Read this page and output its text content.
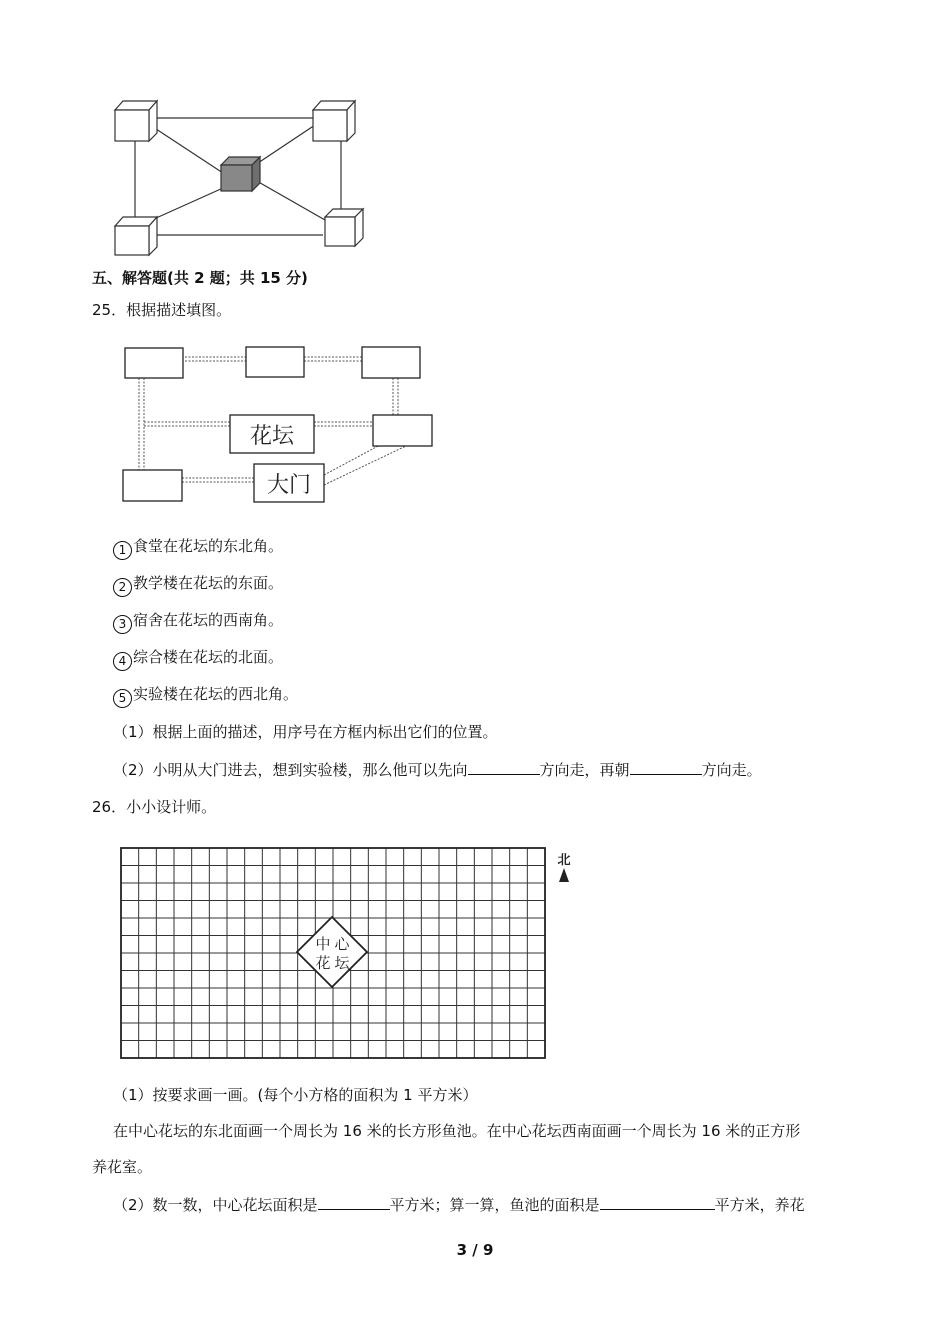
五、解答题(共 2 题；共 15 分)
25．根据描述填图。
花坛
大门
1 食堂在花坛的东北角。
2 教学楼在花坛的东面。
3 宿舍在花坛的西南角。
4 综合楼在花坛的北面。
5 实验楼在花坛的西北角。
（1）根据上面的描述，用序号在方框内标出它们的位置。
（2）小明从大门进去，想到实验楼，那么他可以先向	方向走，再朝	方向走。
26．小小设计师。
中 心
花 坛
北
（1）按要求画一画。(每个小方格的面积为 1 平方米）
在中心花坛的东北面画一个周长为 16 米的长方形鱼池。在中心花坛西南面画一个周长为 16 米的正方形
养花室。
（2）数一数，中心花坛面积是	平方米；算一算，鱼池的面积是	平方米，养花
3 / 9
